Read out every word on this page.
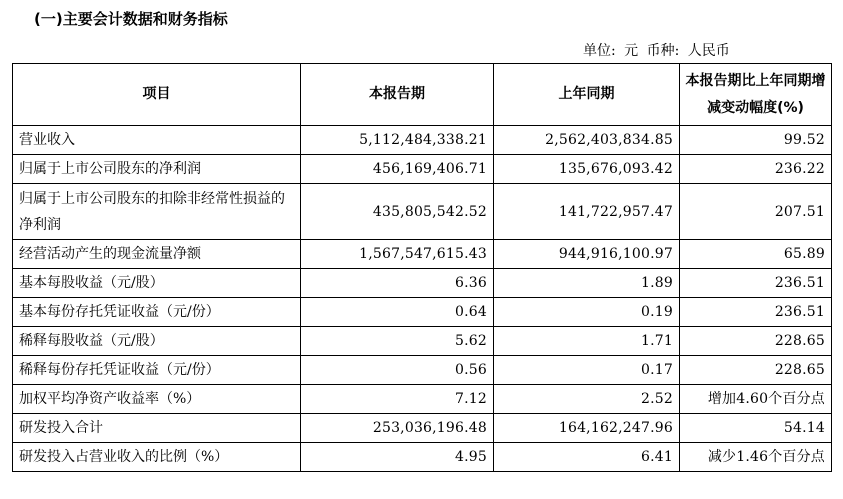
(一)主要会计数据和财务指标
单位: 元 币种: 人民币
项目	本报告期	上年同期	本报告期比上年同期增减变动幅度(%)
营业收入	5,112,484,338.21	2,562,403,834.85	99.52
归属于上市公司股东的净利润	456,169,406.71	135,676,093.42	236.22
归属于上市公司股东的扣除非经常性损益的净利润	435,805,542.52	141,722,957.47	207.51
经营活动产生的现金流量净额	1,567,547,615.43	944,916,100.97	65.89
基本每股收益（元/股）	6.36	1.89	236.51
基本每份存托凭证收益（元/份）	0.64	0.19	236.51
稀释每股收益（元/股）	5.62	1.71	228.65
稀释每份存托凭证收益（元/份）	0.56	0.17	228.65
加权平均净资产收益率（%）	7.12	2.52	增加4.60个百分点
研发投入合计	253,036,196.48	164,162,247.96	54.14
研发投入占营业收入的比例（%）	4.95	6.41	减少1.46个百分点
